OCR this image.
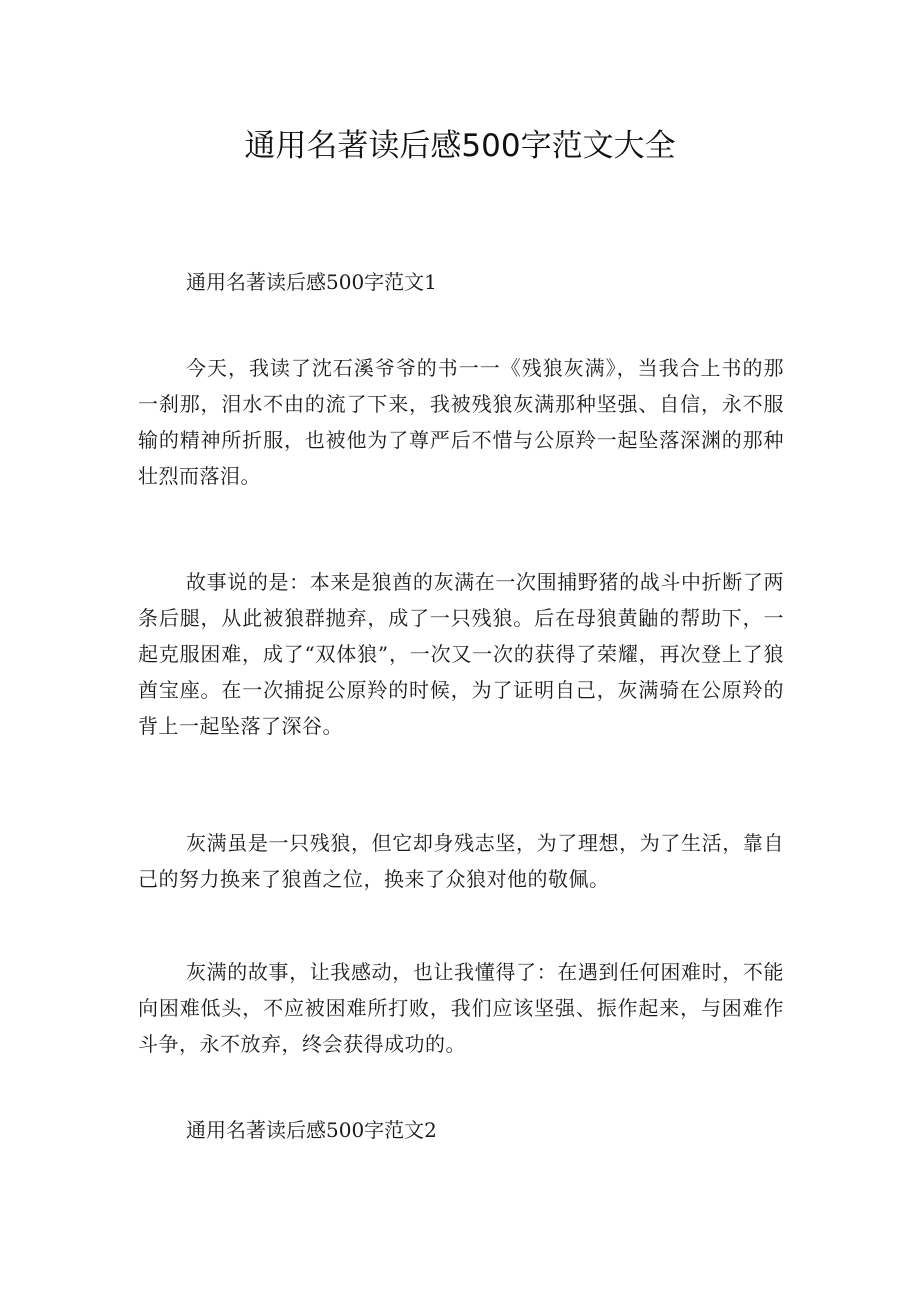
通用名著读后感500字范文大全

通用名著读后感500字范文1

今天，我读了沈石溪爷爷的书一一《残狼灰满》，当我合上书的那一刹那，泪水不由的流了下来，我被残狼灰满那种坚强、自信，永不服输的精神所折服，也被他为了尊严后不惜与公原羚一起坠落深渊的那种壮烈而落泪。

故事说的是：本来是狼酋的灰满在一次围捕野猪的战斗中折断了两条后腿，从此被狼群抛弃，成了一只残狼。后在母狼黄鼬的帮助下，一起克服困难，成了“双体狼”，一次又一次的获得了荣耀，再次登上了狼酋宝座。在一次捕捉公原羚的时候，为了证明自己，灰满骑在公原羚的背上一起坠落了深谷。

灰满虽是一只残狼，但它却身残志坚，为了理想，为了生活，靠自己的努力换来了狼酋之位，换来了众狼对他的敬佩。

灰满的故事，让我感动，也让我懂得了：在遇到任何困难时，不能向困难低头，不应被困难所打败，我们应该坚强、振作起来，与困难作斗争，永不放弃，终会获得成功的。

通用名著读后感500字范文2
